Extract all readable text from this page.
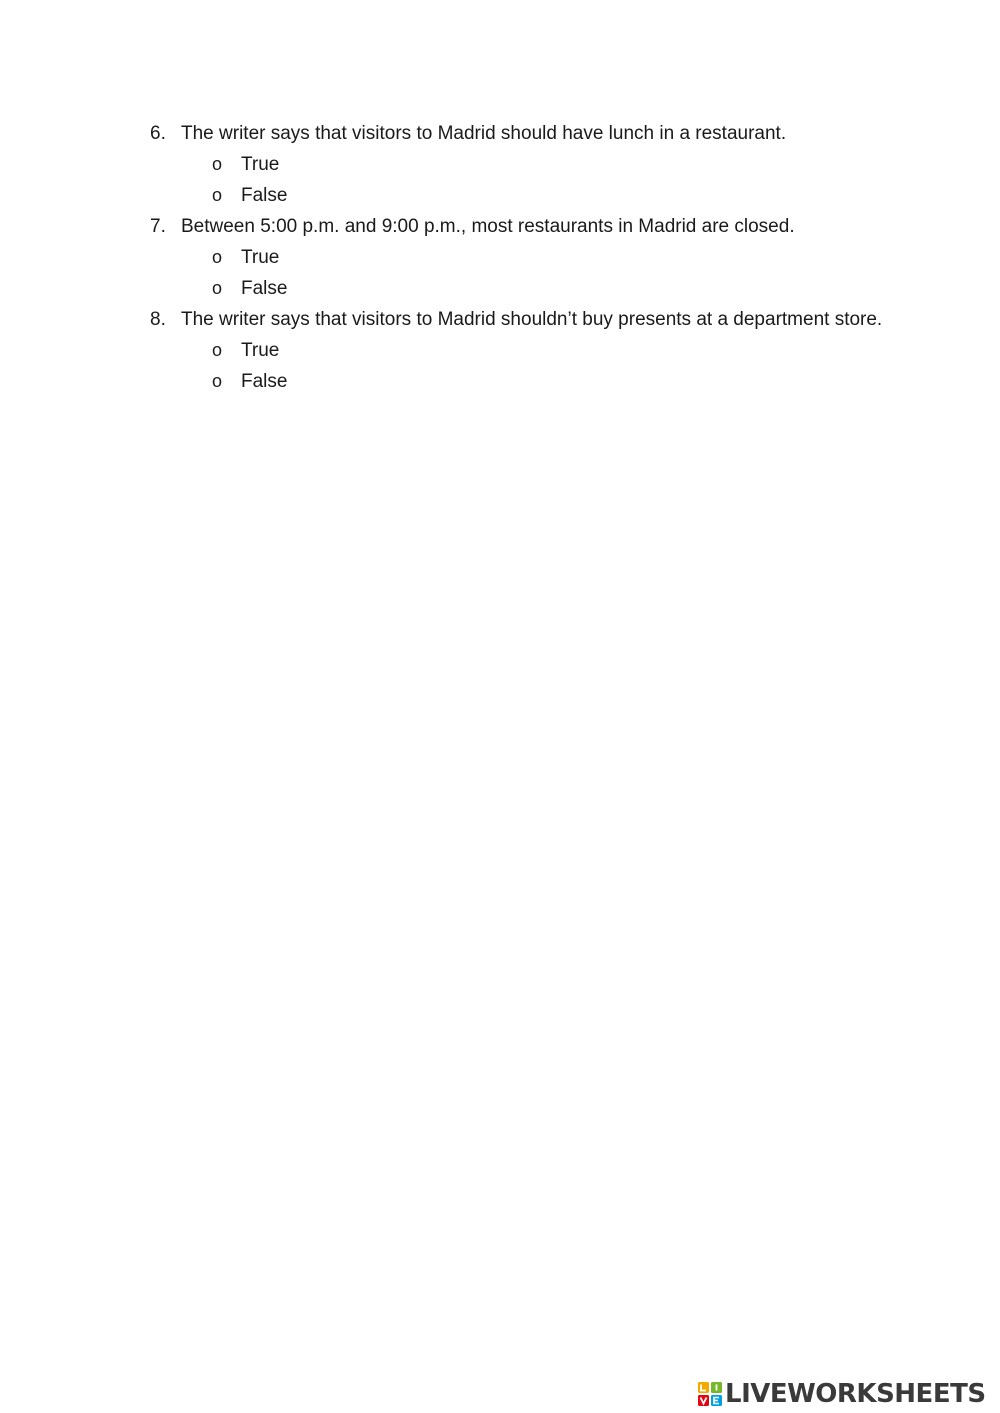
6. The writer says that visitors to Madrid should have lunch in a restaurant.
o True
o False
7. Between 5:00 p.m. and 9:00 p.m., most restaurants in Madrid are closed.
o True
o False
8. The writer says that visitors to Madrid shouldn’t buy presents at a department store.
o True
o False
LIVEWORKSHEETS
